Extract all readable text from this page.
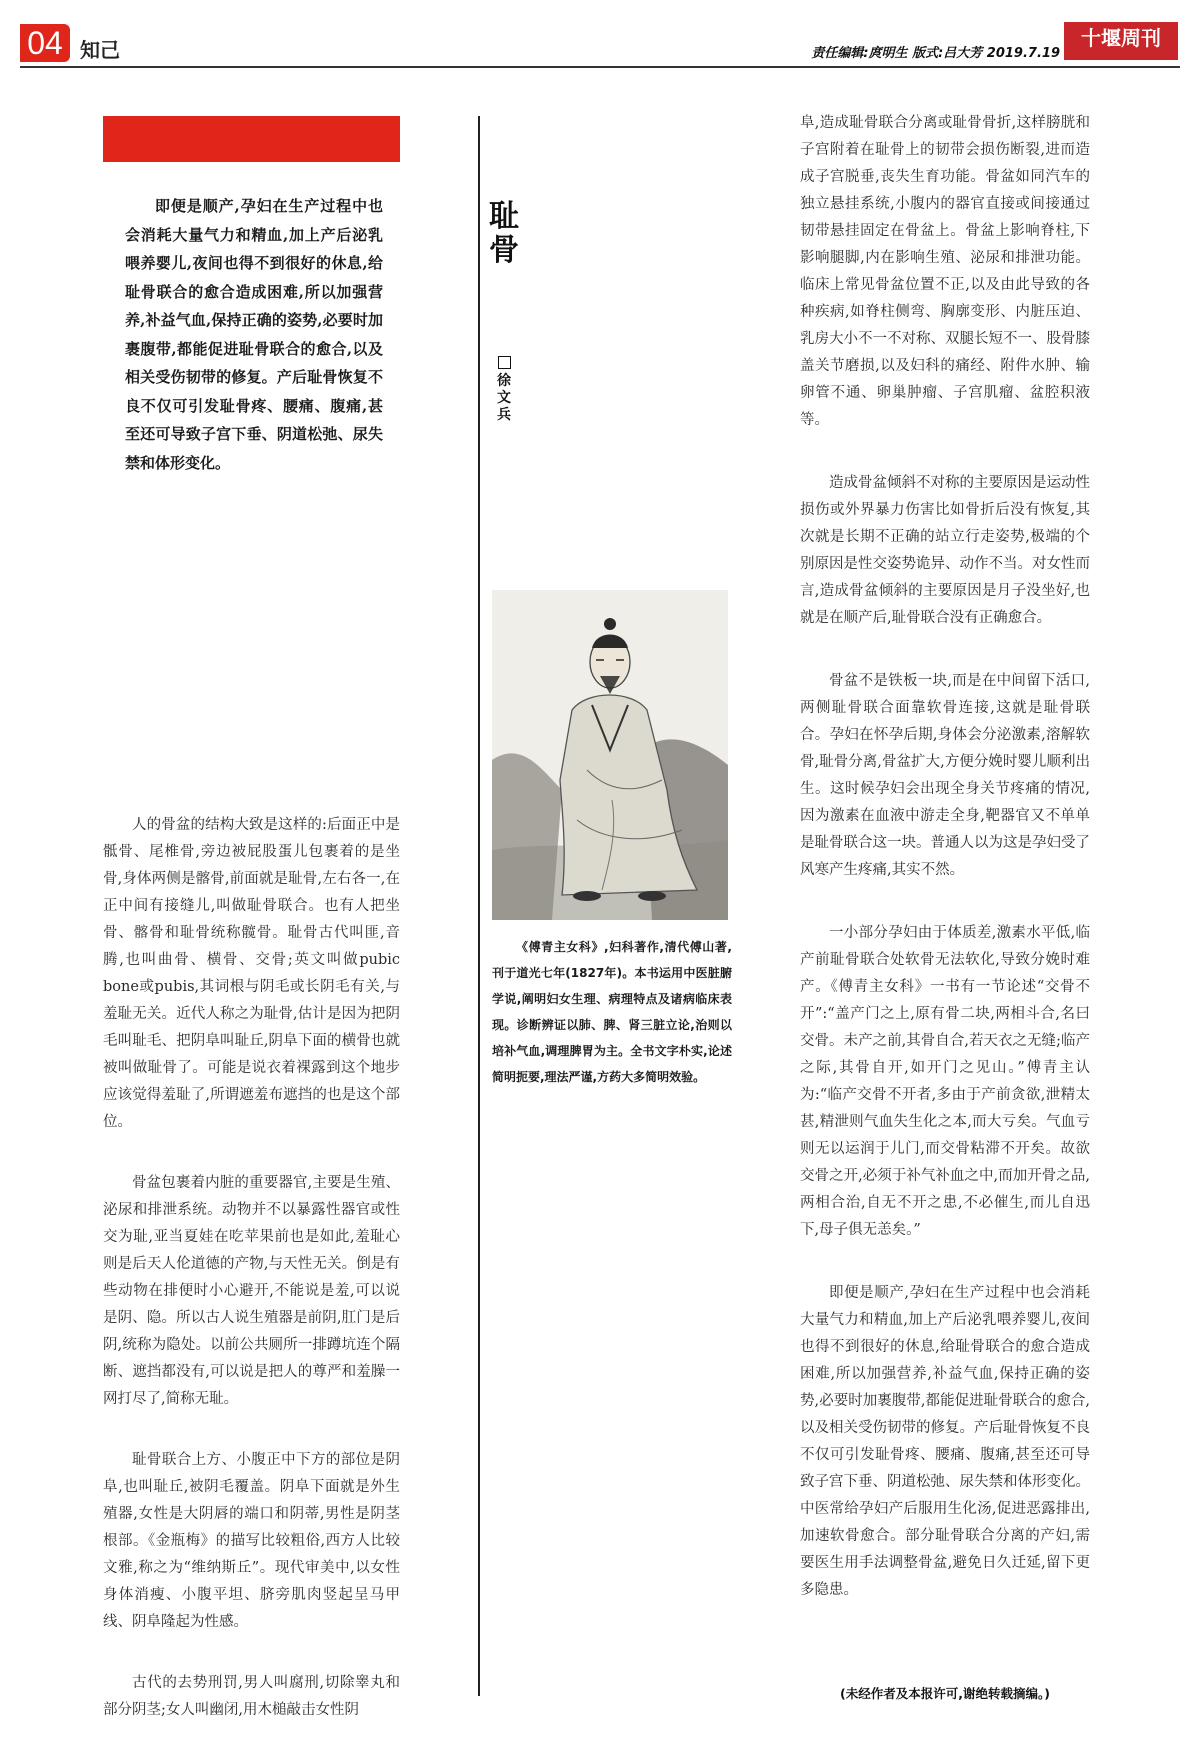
04 知己	责任编辑:庹明生 版式:吕大芳 2019.7.19
十堰周刊
即便是顺产,孕妇在生产过程中也会消耗大量气力和精血,加上产后泌乳喂养婴儿,夜间也得不到很好的休息,给耻骨联合的愈合造成困难,所以加强营养,补益气血,保持正确的姿势,必要时加裹腹带,都能促进耻骨联合的愈合,以及相关受伤韧带的修复。产后耻骨恢复不良不仅可引发耻骨疼、腰痛、腹痛,甚至还可导致子宫下垂、阴道松弛、尿失禁和体形变化。

人的骨盆的结构大致是这样的:后面正中是骶骨、尾椎骨,旁边被屁股蛋儿包裹着的是坐骨,身体两侧是髂骨,前面就是耻骨,左右各一,在正中间有接缝儿,叫做耻骨联合。也有人把坐骨、髂骨和耻骨统称髋骨。耻骨古代叫匪,音腾,也叫曲骨、横骨、交骨;英文叫做pubic bone或pubis,其词根与阴毛或长阴毛有关,与羞耻无关。近代人称之为耻骨,估计是因为把阴毛叫耻毛、把阴阜叫耻丘,阴阜下面的横骨也就被叫做耻骨了。可能是说衣着裸露到这个地步应该觉得羞耻了,所谓遮羞布遮挡的也是这个部位。

骨盆包裹着内脏的重要器官,主要是生殖、泌尿和排泄系统。动物并不以暴露性器官或性交为耻,亚当夏娃在吃苹果前也是如此,羞耻心则是后天人伦道德的产物,与天性无关。倒是有些动物在排便时小心避开,不能说是羞,可以说是阴、隐。所以古人说生殖器是前阴,肛门是后阴,统称为隐处。以前公共厕所一排蹲坑连个隔断、遮挡都没有,可以说是把人的尊严和羞臊一网打尽了,简称无耻。

耻骨联合上方、小腹正中下方的部位是阴阜,也叫耻丘,被阴毛覆盖。阴阜下面就是外生殖器,女性是大阴唇的端口和阴蒂,男性是阴茎根部。《金瓶梅》的描写比较粗俗,西方人比较文雅,称之为“维纳斯丘”。现代审美中,以女性身体消瘦、小腹平坦、脐旁肌肉竖起呈马甲线、阴阜隆起为性感。

古代的去势刑罚,男人叫腐刑,切除睾丸和部分阴茎;女人叫幽闭,用木槌敲击女性阴

耻骨
徐文兵
《傅青主女科》,妇科著作,清代傅山著,刊于道光七年(1827年)。本书运用中医脏腑学说,阐明妇女生理、病理特点及诸病临床表现。诊断辨证以肺、脾、肾三脏立论,治则以培补气血,调理脾胃为主。全书文字朴实,论述简明扼要,理法严谨,方药大多简明效验。

阜,造成耻骨联合分离或耻骨骨折,这样膀胱和子宫附着在耻骨上的韧带会损伤断裂,进而造成子宫脱垂,丧失生育功能。骨盆如同汽车的独立悬挂系统,小腹内的器官直接或间接通过韧带悬挂固定在骨盆上。骨盆上影响脊柱,下影响腿脚,内在影响生殖、泌尿和排泄功能。临床上常见骨盆位置不正,以及由此导致的各种疾病,如脊柱侧弯、胸廓变形、内脏压迫、乳房大小不一不对称、双腿长短不一、股骨膝盖关节磨损,以及妇科的痛经、附件水肿、输卵管不通、卵巢肿瘤、子宫肌瘤、盆腔积液等。

造成骨盆倾斜不对称的主要原因是运动性损伤或外界暴力伤害比如骨折后没有恢复,其次就是长期不正确的站立行走姿势,极端的个别原因是性交姿势诡异、动作不当。对女性而言,造成骨盆倾斜的主要原因是月子没坐好,也就是在顺产后,耻骨联合没有正确愈合。

骨盆不是铁板一块,而是在中间留下活口,两侧耻骨联合面靠软骨连接,这就是耻骨联合。孕妇在怀孕后期,身体会分泌激素,溶解软骨,耻骨分离,骨盆扩大,方便分娩时婴儿顺利出生。这时候孕妇会出现全身关节疼痛的情况,因为激素在血液中游走全身,靶器官又不单单是耻骨联合这一块。普通人以为这是孕妇受了风寒产生疼痛,其实不然。

一小部分孕妇由于体质差,激素水平低,临产前耻骨联合处软骨无法软化,导致分娩时难产。《傅青主女科》一书有一节论述“交骨不开”:“盖产门之上,原有骨二块,两相斗合,名曰交骨。未产之前,其骨自合,若天衣之无缝;临产之际,其骨自开,如开门之见山。”傅青主认为:“临产交骨不开者,多由于产前贪欲,泄精太甚,精泄则气血失生化之本,而大亏矣。气血亏则无以运润于儿门,而交骨粘滞不开矣。故欲交骨之开,必须于补气补血之中,而加开骨之品,两相合治,自无不开之患,不必催生,而儿自迅下,母子俱无恙矣。”

即便是顺产,孕妇在生产过程中也会消耗大量气力和精血,加上产后泌乳喂养婴儿,夜间也得不到很好的休息,给耻骨联合的愈合造成困难,所以加强营养,补益气血,保持正确的姿势,必要时加裹腹带,都能促进耻骨联合的愈合,以及相关受伤韧带的修复。产后耻骨恢复不良不仅可引发耻骨疼、腰痛、腹痛,甚至还可导致子宫下垂、阴道松弛、尿失禁和体形变化。中医常给孕妇产后服用生化汤,促进恶露排出,加速软骨愈合。部分耻骨联合分离的产妇,需要医生用手法调整骨盆,避免日久迁延,留下更多隐患。

(未经作者及本报许可,谢绝转载摘编。)
